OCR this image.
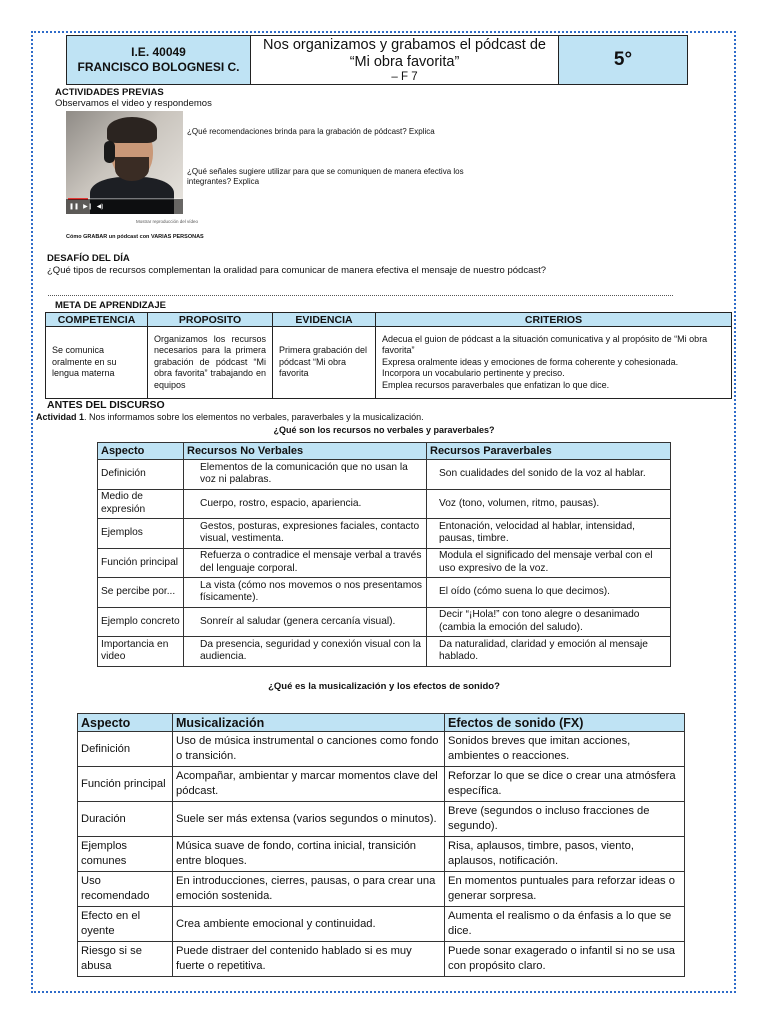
I.E. 40049
FRANCISCO BOLOGNESI C.
Nos organizamos y grabamos el pódcast de
“Mi obra favorita”
– F 7
5°
ACTIVIDADES PREVIAS
Observamos el video y respondemos
❚❚ ▶❙ ◀)
Mostrar reproducción del vídeo
Cómo GRABAR un pódcast con VARIAS PERSONAS
¿Qué recomendaciones brinda para la grabación de pódcast? Explica
¿Qué señales sugiere utilizar para que se comuniquen de manera efectiva los
integrantes? Explica
DESAFÍO DEL DÍA
¿Qué tipos de recursos complementan la oralidad para comunicar de manera efectiva el mensaje de nuestro pódcast?
META DE APRENDIZAJE
COMPETENCIA	PROPOSITO	EVIDENCIA	CRITERIOS
Se comunica oralmente en su lengua materna	Organizamos los recursos necesarios para la primera grabación de pódcast “Mi obra favorita” trabajando en equipos	Primera grabación del pódcast “Mi obra favorita	Adecua el guion de pódcast a la situación comunicativa y al propósito de “Mi obra favorita”
Expresa oralmente ideas y emociones de forma coherente y cohesionada.
Incorpora un vocabulario pertinente y preciso.
Emplea recursos paraverbales que enfatizan lo que dice.
ANTES DEL DISCURSO
Actividad 1. Nos informamos sobre los elementos no verbales, paraverbales y la musicalización.
¿Qué son los recursos no verbales y paraverbales?
Aspecto	Recursos No Verbales	Recursos Paraverbales
Definición	Elementos de la comunicación que no usan la voz ni palabras.	Son cualidades del sonido de la voz al hablar.
Medio de expresión	Cuerpo, rostro, espacio, apariencia.	Voz (tono, volumen, ritmo, pausas).
Ejemplos	Gestos, posturas, expresiones faciales, contacto visual, vestimenta.	Entonación, velocidad al hablar, intensidad, pausas, timbre.
Función principal	Refuerza o contradice el mensaje verbal a través del lenguaje corporal.	Modula el significado del mensaje verbal con el uso expresivo de la voz.
Se percibe por...	La vista (cómo nos movemos o nos presentamos físicamente).	El oído (cómo suena lo que decimos).
Ejemplo concreto	Sonreír al saludar (genera cercanía visual).	Decir “¡Hola!” con tono alegre o desanimado (cambia la emoción del saludo).
Importancia en video	Da presencia, seguridad y conexión visual con la audiencia.	Da naturalidad, claridad y emoción al mensaje hablado.
¿Qué es la musicalización y los efectos de sonido?
Aspecto	Musicalización	Efectos de sonido (FX)
Definición	Uso de música instrumental o canciones como fondo o transición.	Sonidos breves que imitan acciones, ambientes o reacciones.
Función principal	Acompañar, ambientar y marcar momentos clave del pódcast.	Reforzar lo que se dice o crear una atmósfera específica.
Duración	Suele ser más extensa (varios segundos o minutos).	Breve (segundos o incluso fracciones de segundo).
Ejemplos comunes	Música suave de fondo, cortina inicial, transición entre bloques.	Risa, aplausos, timbre, pasos, viento, aplausos, notificación.
Uso recomendado	En introducciones, cierres, pausas, o para crear una emoción sostenida.	En momentos puntuales para reforzar ideas o generar sorpresa.
Efecto en el oyente	Crea ambiente emocional y continuidad.	Aumenta el realismo o da énfasis a lo que se dice.
Riesgo si se abusa	Puede distraer del contenido hablado si es muy fuerte o repetitiva.	Puede sonar exagerado o infantil si no se usa con propósito claro.
